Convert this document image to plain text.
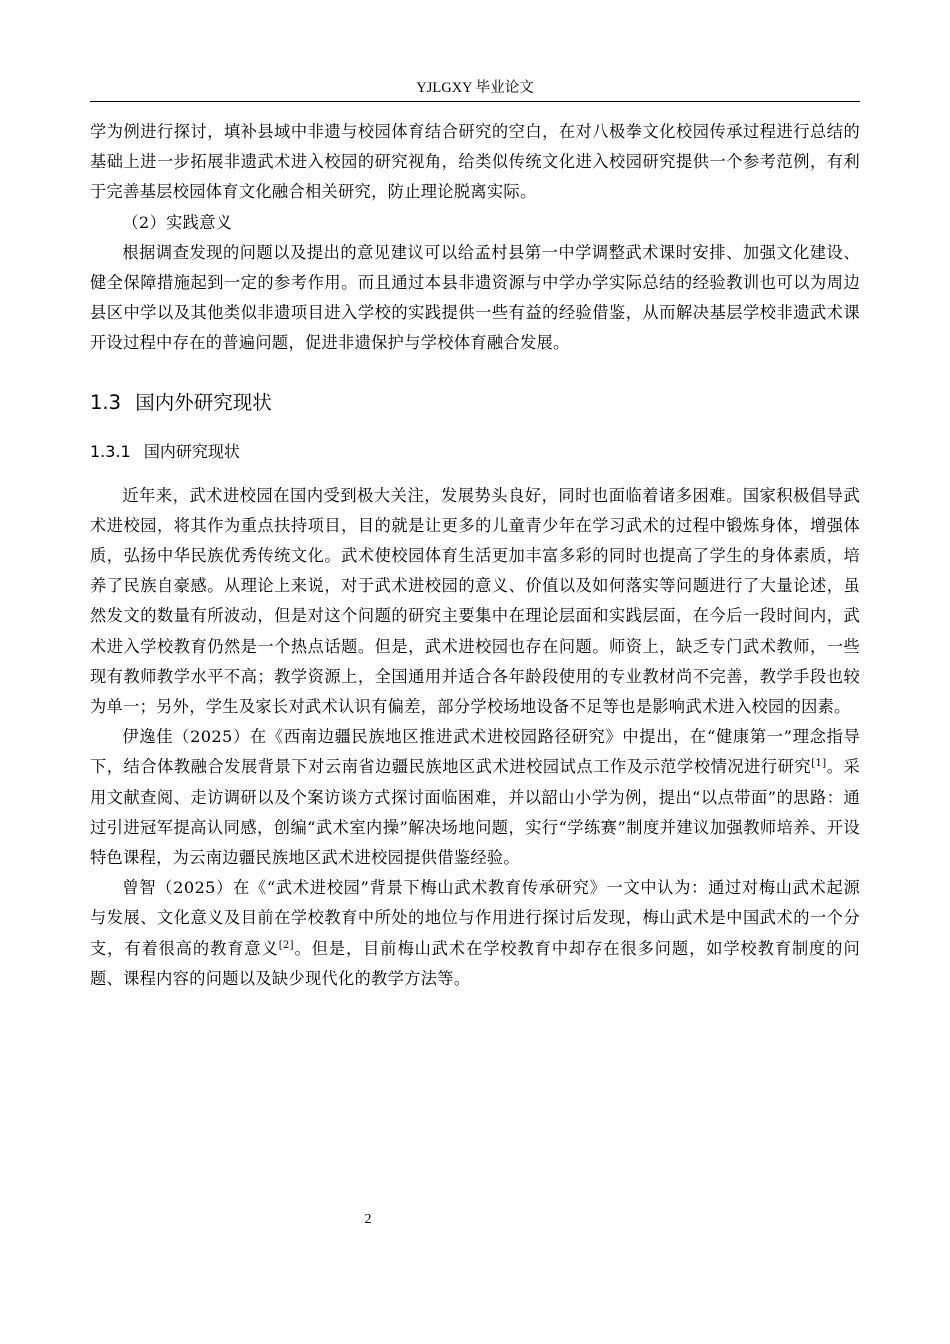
YJLGXY 毕业论文

学为例进行探讨，填补县域中非遗与校园体育结合研究的空白，在对八极拳文化校园传承过程进行总结的基础上进一步拓展非遗武术进入校园的研究视角，给类似传统文化进入校园研究提供一个参考范例，有利于完善基层校园体育文化融合相关研究，防止理论脱离实际。

（2）实践意义

根据调查发现的问题以及提出的意见建议可以给孟村县第一中学调整武术课时安排、加强文化建设、健全保障措施起到一定的参考作用。而且通过本县非遗资源与中学办学实际总结的经验教训也可以为周边县区中学以及其他类似非遗项目进入学校的实践提供一些有益的经验借鉴，从而解决基层学校非遗武术课开设过程中存在的普遍问题，促进非遗保护与学校体育融合发展。

1.3 国内外研究现状
1.3.1 国内研究现状

近年来，武术进校园在国内受到极大关注，发展势头良好，同时也面临着诸多困难。国家积极倡导武术进校园，将其作为重点扶持项目，目的就是让更多的儿童青少年在学习武术的过程中锻炼身体，增强体质，弘扬中华民族优秀传统文化。武术使校园体育生活更加丰富多彩的同时也提高了学生的身体素质，培养了民族自豪感。从理论上来说，对于武术进校园的意义、价值以及如何落实等问题进行了大量论述，虽然发文的数量有所波动，但是对这个问题的研究主要集中在理论层面和实践层面，在今后一段时间内，武术进入学校教育仍然是一个热点话题。但是，武术进校园也存在问题。师资上，缺乏专门武术教师，一些现有教师教学水平不高；教学资源上，全国通用并适合各年龄段使用的专业教材尚不完善，教学手段也较为单一；另外，学生及家长对武术认识有偏差，部分学校场地设备不足等也是影响武术进入校园的因素。

伊逸佳（2025）在《西南边疆民族地区推进武术进校园路径研究》中提出，在“健康第一”理念指导下，结合体教融合发展背景下对云南省边疆民族地区武术进校园试点工作及示范学校情况进行研究[1]。采用文献查阅、走访调研以及个案访谈方式探讨面临困难，并以韶山小学为例，提出“以点带面”的思路：通过引进冠军提高认同感，创编“武术室内操”解决场地问题，实行“学练赛”制度并建议加强教师培养、开设特色课程，为云南边疆民族地区武术进校园提供借鉴经验。

曾智（2025）在《“武术进校园”背景下梅山武术教育传承研究》一文中认为：通过对梅山武术起源与发展、文化意义及目前在学校教育中所处的地位与作用进行探讨后发现，梅山武术是中国武术的一个分支，有着很高的教育意义[2]。但是，目前梅山武术在学校教育中却存在很多问题，如学校教育制度的问题、课程内容的问题以及缺少现代化的教学方法等。

2
